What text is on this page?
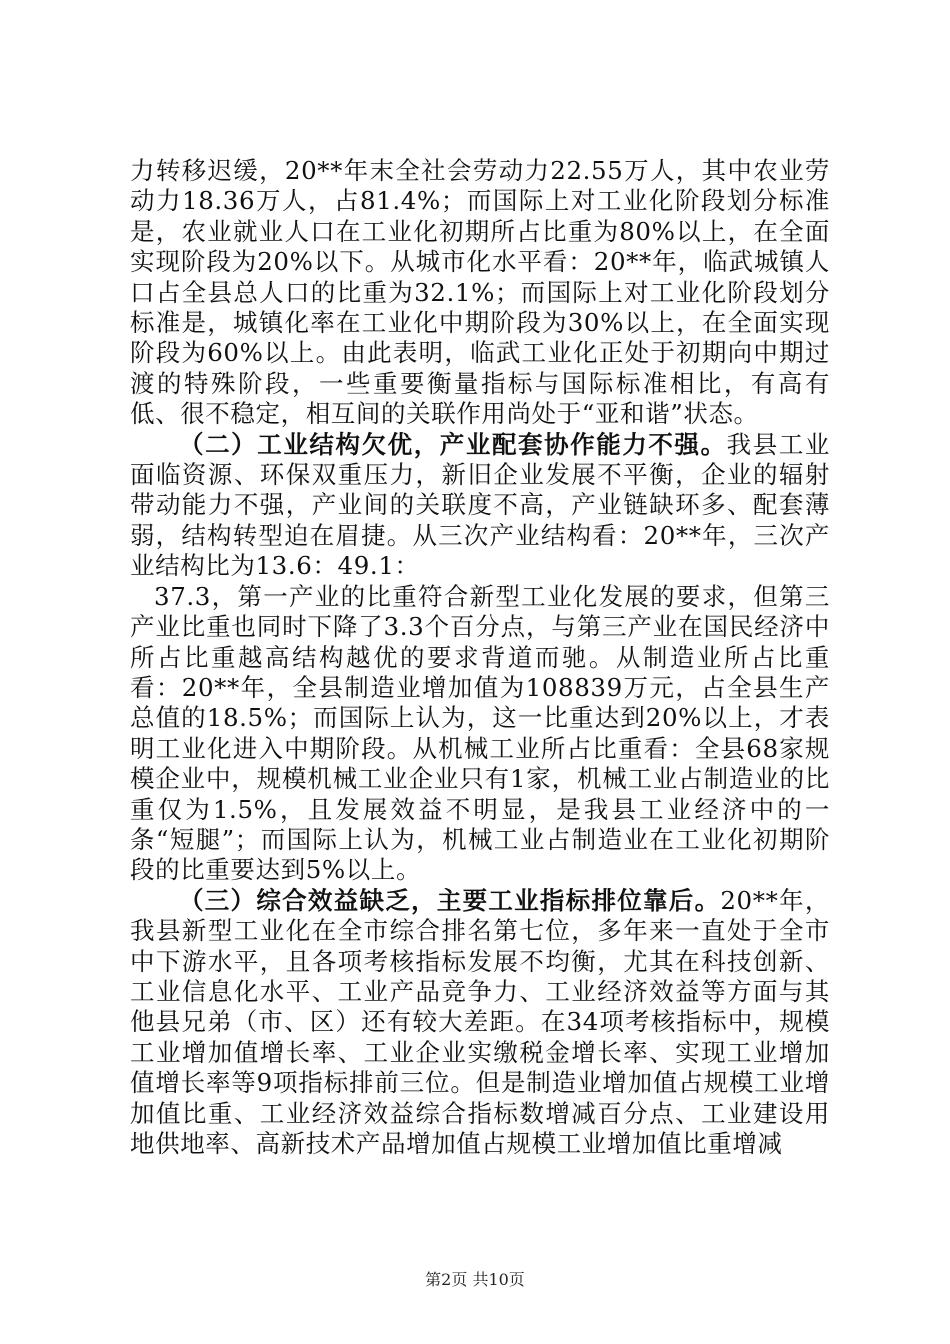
力转移迟缓，20**年末全社会劳动力22.55万人，其中农业劳动力18.36万人，占81.4%；而国际上对工业化阶段划分标准是，农业就业人口在工业化初期所占比重为80%以上，在全面实现阶段为20%以下。从城市化水平看：20**年，临武城镇人口占全县总人口的比重为32.1%；而国际上对工业化阶段划分标准是，城镇化率在工业化中期阶段为30%以上，在全面实现阶段为60%以上。由此表明，临武工业化正处于初期向中期过渡的特殊阶段，一些重要衡量指标与国际标准相比，有高有低、很不稳定，相互间的关联作用尚处于“亚和谐”状态。

（二）工业结构欠优，产业配套协作能力不强。我县工业面临资源、环保双重压力，新旧企业发展不平衡，企业的辐射带动能力不强，产业间的关联度不高，产业链缺环多、配套薄弱，结构转型迫在眉捷。从三次产业结构看：20**年，三次产业结构比为13.6：49.1：

37.3，第一产业的比重符合新型工业化发展的要求，但第三产业比重也同时下降了3.3个百分点，与第三产业在国民经济中所占比重越高结构越优的要求背道而驰。从制造业所占比重看：20**年，全县制造业增加值为108839万元，占全县生产总值的18.5%；而国际上认为，这一比重达到20%以上，才表明工业化进入中期阶段。从机械工业所占比重看：全县68家规模企业中，规模机械工业企业只有1家，机械工业占制造业的比重仅为1.5%，且发展效益不明显，是我县工业经济中的一条“短腿”；而国际上认为，机械工业占制造业在工业化初期阶段的比重要达到5%以上。

（三）综合效益缺乏，主要工业指标排位靠后。20**年，我县新型工业化在全市综合排名第七位，多年来一直处于全市中下游水平，且各项考核指标发展不均衡，尤其在科技创新、工业信息化水平、工业产品竞争力、工业经济效益等方面与其他县兄弟（市、区）还有较大差距。在34项考核指标中，规模工业增加值增长率、工业企业实缴税金增长率、实现工业增加值增长率等9项指标排前三位。但是制造业增加值占规模工业增加值比重、工业经济效益综合指标数增减百分点、工业建设用地供地率、高新技术产品增加值占规模工业增加值比重增减

第2页 共10页
